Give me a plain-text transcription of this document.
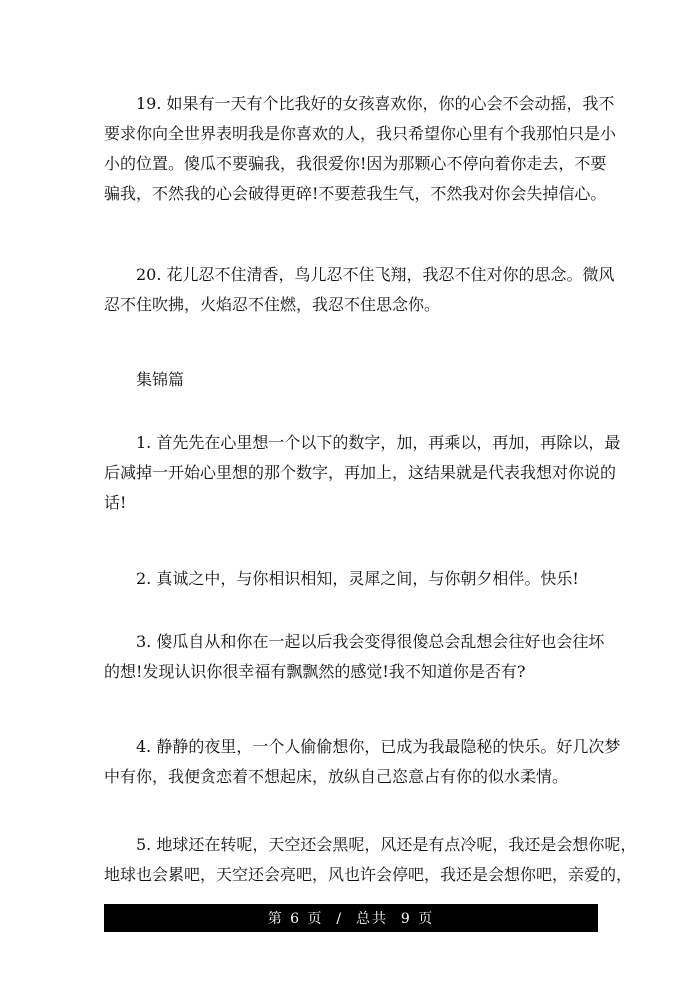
19. 如果有一天有个比我好的女孩喜欢你，你的心会不会动摇，我不
要求你向全世界表明我是你喜欢的人，我只希望你心里有个我那怕只是小
小的位置。傻瓜不要骗我，我很爱你!因为那颗心不停向着你走去，不要
骗我，不然我的心会破得更碎!不要惹我生气，不然我对你会失掉信心。

20. 花儿忍不住清香，鸟儿忍不住飞翔，我忍不住对你的思念。微风
忍不住吹拂，火焰忍不住燃，我忍不住思念你。

集锦篇

1. 首先先在心里想一个以下的数字，加，再乘以，再加，再除以，最
后减掉一开始心里想的那个数字，再加上，这结果就是代表我想对你说的
话!

2. 真诚之中，与你相识相知，灵犀之间，与你朝夕相伴。快乐!

3. 傻瓜自从和你在一起以后我会变得很傻总会乱想会往好也会往坏
的想!发现认识你很幸福有飘飘然的感觉!我不知道你是否有?

4. 静静的夜里，一个人偷偷想你，已成为我最隐秘的快乐。好几次梦
中有你，我便贪恋着不想起床，放纵自己恣意占有你的似水柔情。

5. 地球还在转呢，天空还会黑呢，风还是有点冷呢，我还是会想你呢，
地球也会累吧，天空还会亮吧，风也许会停吧，我还是会想你吧，亲爱的，

第 6 页  /  总共  9 页
